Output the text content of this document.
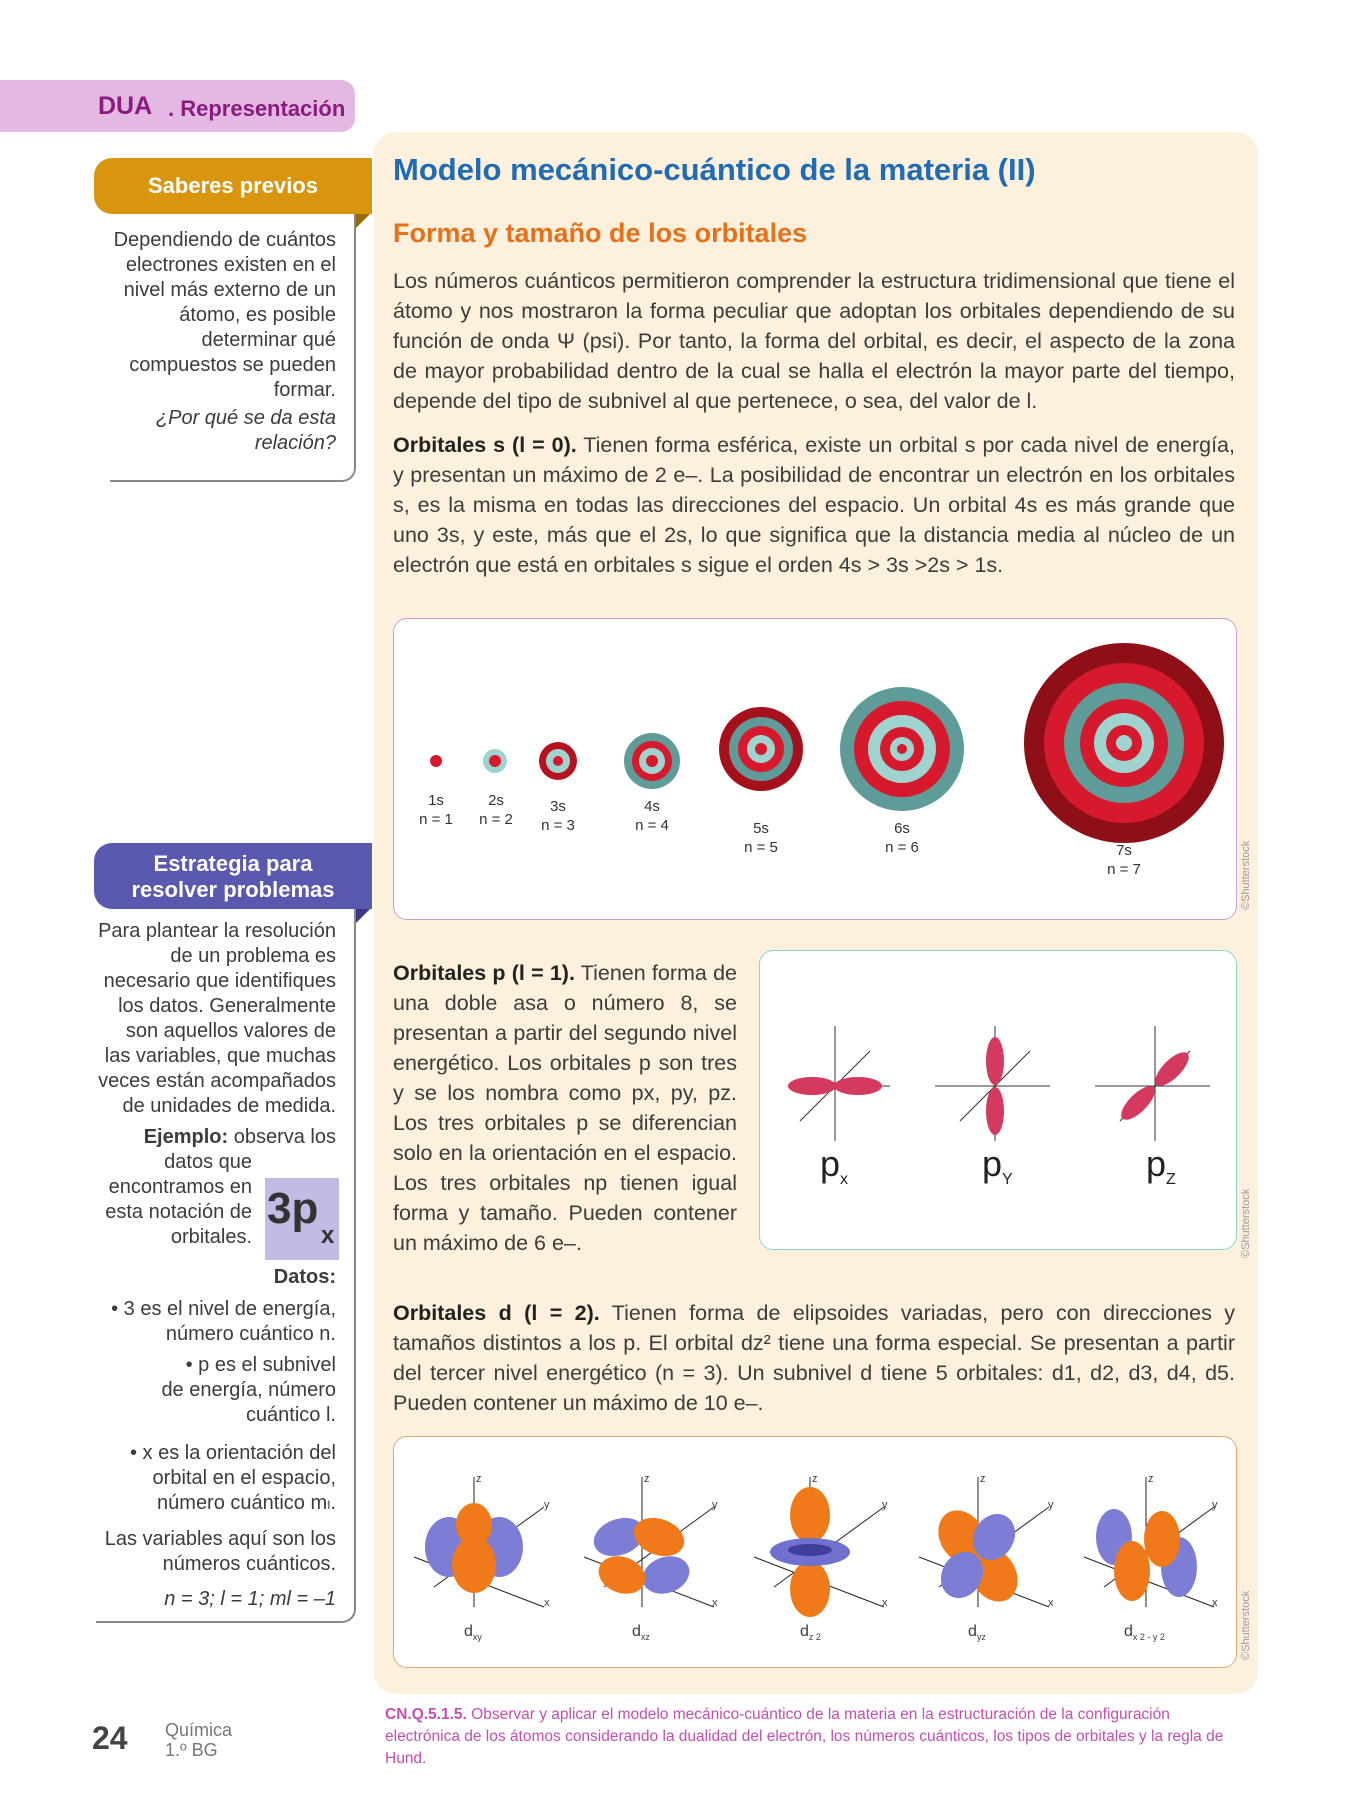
DUA . Representación
Saberes previos
Dependiendo de cuántos
electrones existen en el
nivel más externo de un
átomo, es posible
determinar qué
compuestos se pueden
formar.
¿Por qué se da esta
relación?
Estrategia para
resolver problemas
Para plantear la resolución
de un problema es
necesario que identifiques
los datos. Generalmente
son aquellos valores de
las variables, que muchas
veces están acompañados
de unidades de medida.
Ejemplo: observa los
datos que
encontramos en
esta notación de
orbitales.
Datos:
• 3 es el nivel de energía,
número cuántico n.
• p es el subnivel
de energía, número
cuántico l.
• x es la orientación del
orbital en el espacio,
número cuántico mₗ.
Las variables aquí son los
números cuánticos.
n = 3; l = 1; ml = –1
3p
x
Modelo mecánico-cuántico de la materia (II)
Forma y tamaño de los orbitales
Los números cuánticos permitieron comprender la estructura tridimensional que tiene el átomo y nos mostraron la forma peculiar que adoptan los orbitales dependiendo de su función de onda Ψ (psi). Por tanto, la forma del orbital, es decir, el aspecto de la zona de mayor probabilidad dentro de la cual se halla el electrón la mayor parte del tiempo, depende del tipo de subnivel al que pertenece, o sea, del valor de l.
Orbitales s (l = 0). Tienen forma esférica, existe un orbital s por cada nivel de energía, y presentan un máximo de 2 e–. La posibilidad de encontrar un electrón en los orbitales s, es la misma en todas las direcciones del espacio. Un orbital 4s es más grande que uno 3s, y este, más que el 2s, lo que significa que la distancia media al núcleo de un electrón que está en orbitales s sigue el orden 4s > 3s >2s > 1s.
1s
n = 1
2s
n = 2
3s
n = 3
4s
n = 4	5s
n = 5
6s
n = 6	7s
n = 7	©Shutterstock
Orbitales p (l = 1). Tienen forma de una doble asa o número 8, se presentan a partir del segundo nivel energético. Los orbitales p son tres y se los nombra como px, py, pz. Los tres orbitales p se diferencian solo en la orientación en el espacio. Los tres orbitales np tienen igual forma y tamaño. Pueden contener un máximo de 6 e–.
$p_x$	$p_Y$	$p_Z$
©Shutterstock
Orbitales d (l = 2). Tienen forma de elipsoides variadas, pero con direcciones y tamaños distintos a los p. El orbital dz² tiene una forma especial. Se presentan a partir del tercer nivel energético (n = 3). Un subnivel d tiene 5 orbitales: d1, d2, d3, d4, d5. Pueden contener un máximo de 10 e–.
z
y
x
z
y
x
z
y
x
z
y
x
z
y
x
$d_{xy}$	$d_{xz}$	$d_{z 2}$	$d_{yz}$	$d_{x 2 - y 2}$	©Shutterstock
24 Química
1.º BG
CN.Q.5.1.5. Observar y aplicar el modelo mecánico-cuántico de la materia en la estructuración de la configuración electrónica de los átomos considerando la dualidad del electrón, los números cuánticos, los tipos de orbitales y la regla de Hund.
